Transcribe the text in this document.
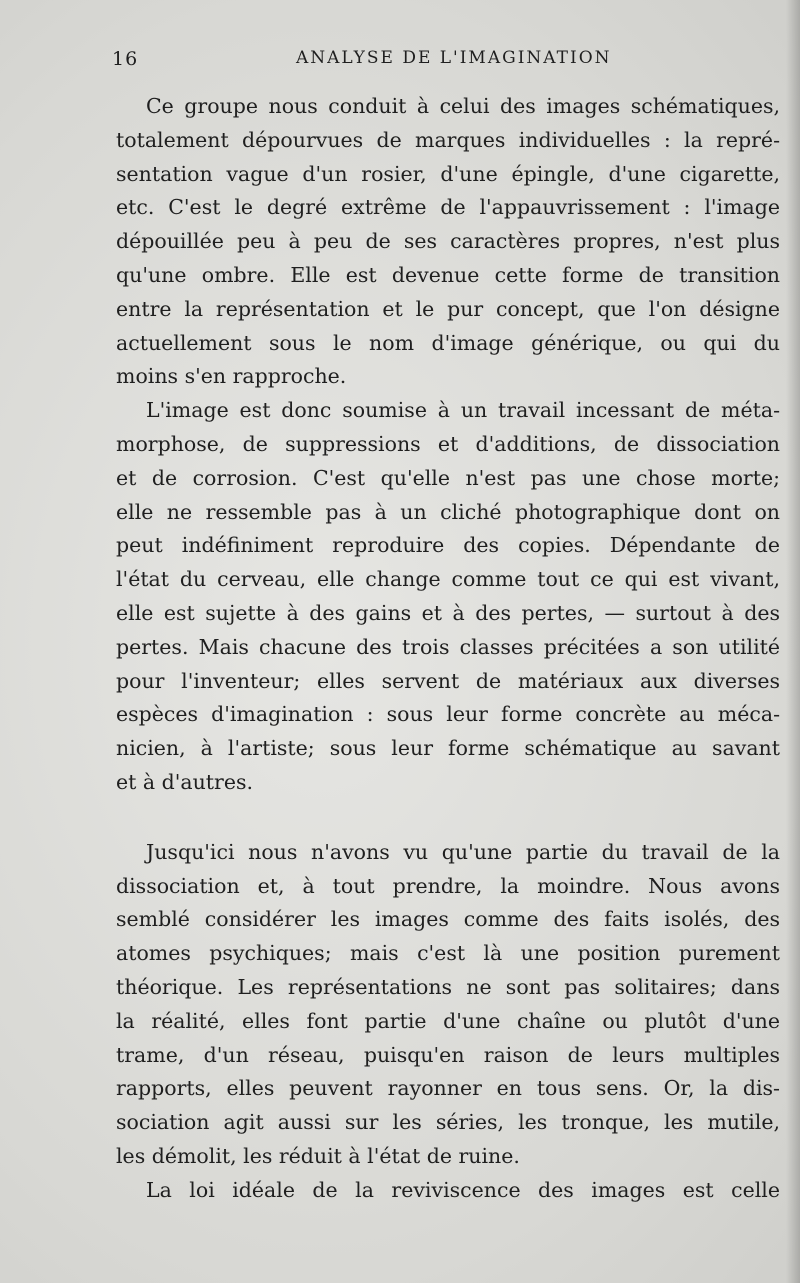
16	ANALYSE DE L'IMAGINATION

Ce groupe nous conduit à celui des images schématiques,
totalement dépourvues de marques individuelles : la repré-
sentation vague d'un rosier, d'une épingle, d'une cigarette,
etc. C'est le degré extrême de l'appauvrissement : l'image
dépouillée peu à peu de ses caractères propres, n'est plus
qu'une ombre. Elle est devenue cette forme de transition
entre la représentation et le pur concept, que l'on désigne
actuellement sous le nom d'image générique, ou qui du
moins s'en rapproche.

L'image est donc soumise à un travail incessant de méta-
morphose, de suppressions et d'additions, de dissociation
et de corrosion. C'est qu'elle n'est pas une chose morte;
elle ne ressemble pas à un cliché photographique dont on
peut indéfiniment reproduire des copies. Dépendante de
l'état du cerveau, elle change comme tout ce qui est vivant,
elle est sujette à des gains et à des pertes, — surtout à des
pertes. Mais chacune des trois classes précitées a son utilité
pour l'inventeur; elles servent de matériaux aux diverses
espèces d'imagination : sous leur forme concrète au méca-
nicien, à l'artiste; sous leur forme schématique au savant
et à d'autres.

Jusqu'ici nous n'avons vu qu'une partie du travail de la
dissociation et, à tout prendre, la moindre. Nous avons
semblé considérer les images comme des faits isolés, des
atomes psychiques; mais c'est là une position purement
théorique. Les représentations ne sont pas solitaires; dans
la réalité, elles font partie d'une chaîne ou plutôt d'une
trame, d'un réseau, puisqu'en raison de leurs multiples
rapports, elles peuvent rayonner en tous sens. Or, la dis-
sociation agit aussi sur les séries, les tronque, les mutile,
les démolit, les réduit à l'état de ruine.

La loi idéale de la reviviscence des images est celle
